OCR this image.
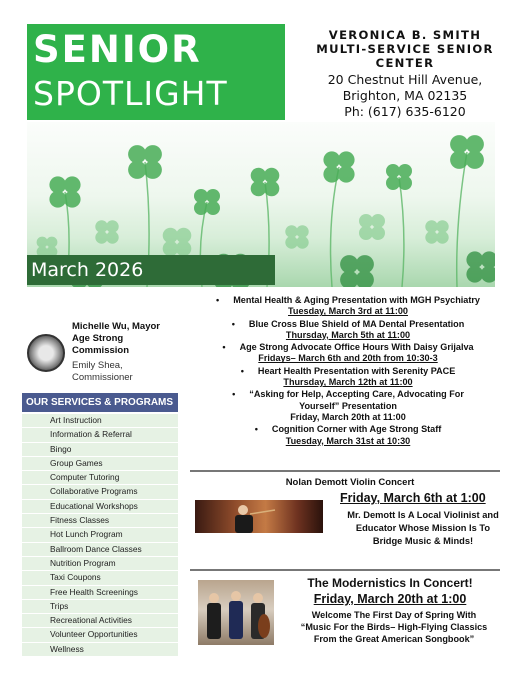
SENIOR
SPOTLIGHT
VERONICA B. SMITH
MULTI-SERVICE SENIOR
CENTER
20 Chestnut Hill Avenue,
Brighton, MA 02135
Ph: (617) 635-6120
March 2026
Michelle Wu, Mayor
Age Strong
Commission
Emily Shea,
Commissioner
OUR SERVICES & PROGRAMS
Art Instruction
Information & Referral
Bingo
Group Games
Computer Tutoring
Collaborative Programs
Educational Workshops
Fitness Classes
Hot Lunch Program
Ballroom Dance Classes
Nutrition Program
Taxi Coupons
Free Health Screenings
Trips
Recreational Activities
Volunteer Opportunities
Wellness
• Mental Health & Aging Presentation with MGH Psychiatry
Tuesday, March 3rd at 11:00
• Blue Cross Blue Shield of MA Dental Presentation
Thursday, March 5th at 11:00
• Age Strong Advocate Office Hours With Daisy Grijalva
Fridays– March 6th and 20th from 10:30-3
• Heart Health Presentation with Serenity PACE
Thursday, March 12th at 11:00
• “Asking for Help, Accepting Care, Advocating For
Yourself” Presentation
Friday, March 20th at 11:00
• Cognition Corner with Age Strong Staff
Tuesday, March 31st at 10:30
Nolan Demott Violin Concert
Friday, March 6th at 1:00
Mr. Demott Is A Local Violinist and
Educator Whose Mission Is To
Bridge Music & Minds!
The Modernistics In Concert!
Friday, March 20th at 1:00
Welcome The First Day of Spring With
“Music For the Birds– High-Flying Classics
From the Great American Songbook”
